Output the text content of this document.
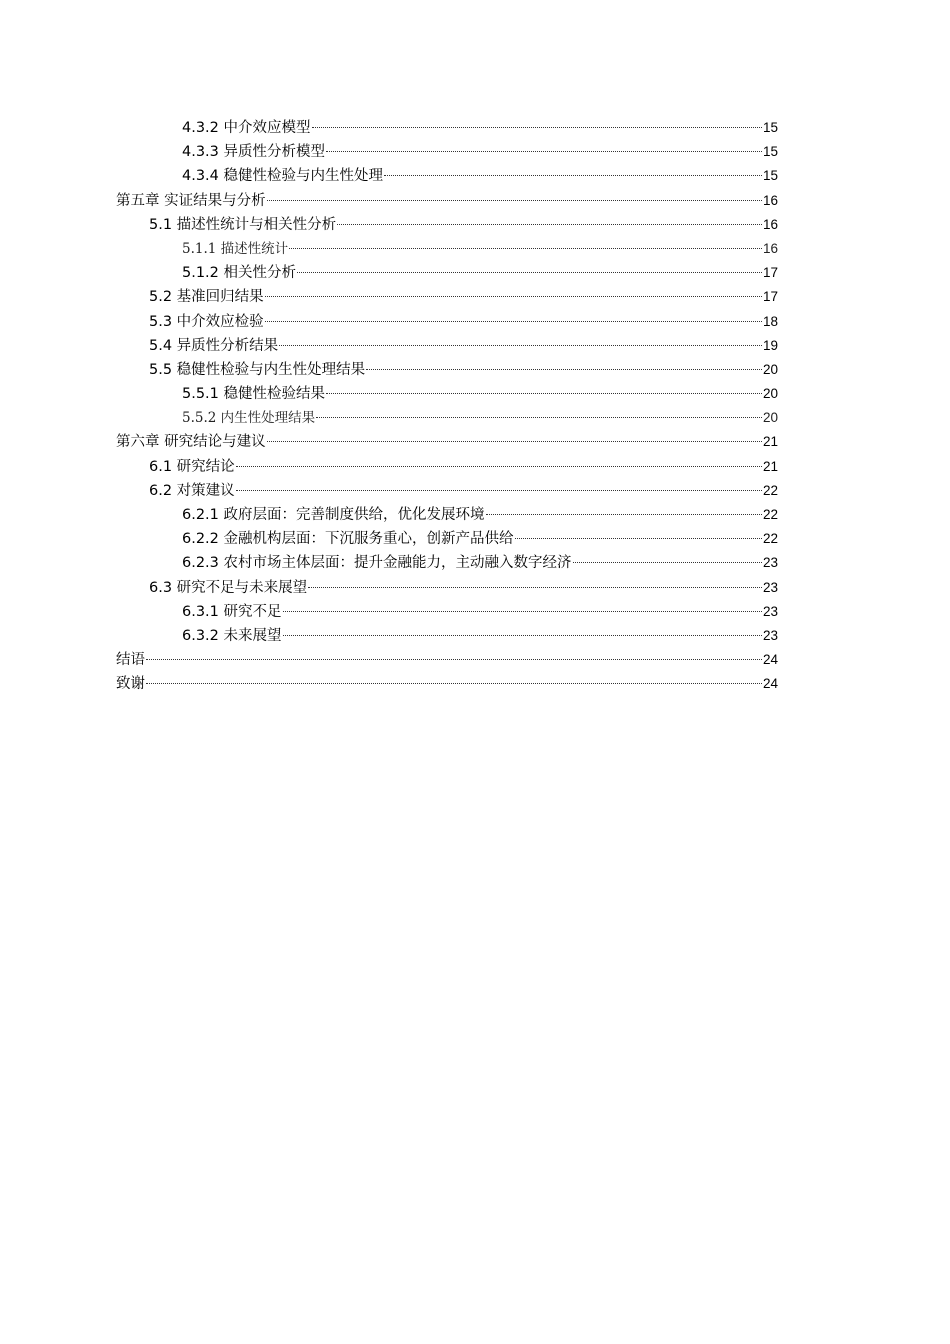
4.3.2 中介效应模型	15
4.3.3 异质性分析模型	15
4.3.4 稳健性检验与内生性处理	15
第五章 实证结果与分析	16
5.1 描述性统计与相关性分析	16
5.1.1 描述性统计	16
5.1.2 相关性分析	17
5.2 基准回归结果	17
5.3 中介效应检验	18
5.4 异质性分析结果	19
5.5 稳健性检验与内生性处理结果	20
5.5.1 稳健性检验结果	20
5.5.2 内生性处理结果	20
第六章 研究结论与建议	21
6.1 研究结论	21
6.2 对策建议	22
6.2.1 政府层面：完善制度供给，优化发展环境	22
6.2.2 金融机构层面：下沉服务重心，创新产品供给	22
6.2.3 农村市场主体层面：提升金融能力，主动融入数字经济	23
6.3 研究不足与未来展望	23
6.3.1 研究不足	23
6.3.2 未来展望	23
结语	24
致谢	24
